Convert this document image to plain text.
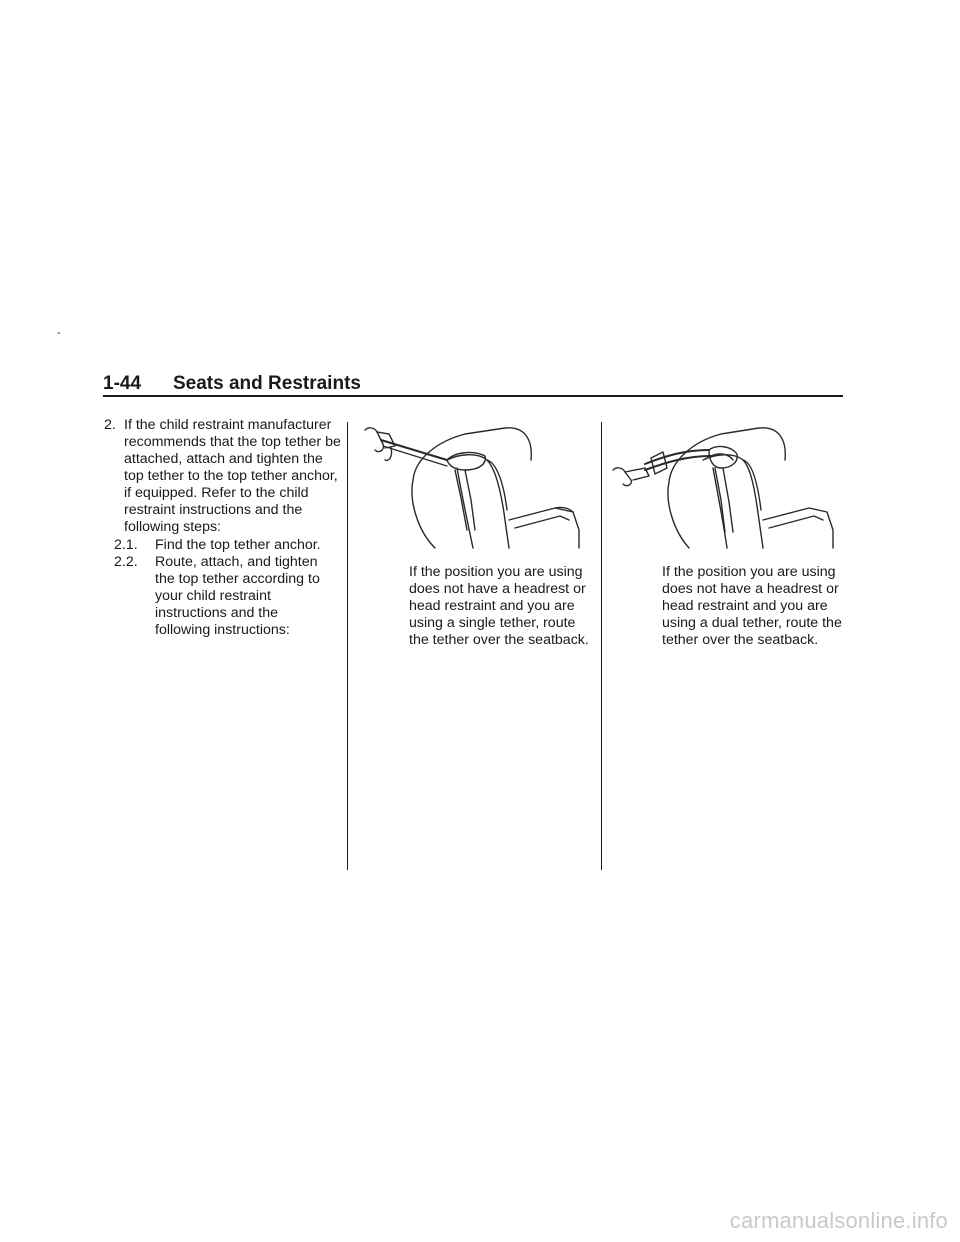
-
1-44 Seats and Restraints
2. If the child restraint manufacturer recommends that the top tether be attached, attach and tighten the top tether to the top tether anchor, if equipped. Refer to the child restraint instructions and the following steps:
2.1. Find the top tether anchor.
2.2. Route, attach, and tighten the top tether according to your child restraint instructions and the following instructions:
If the position you are using does not have a headrest or head restraint and you are using a single tether, route the tether over the seatback.
If the position you are using does not have a headrest or head restraint and you are using a dual tether, route the tether over the seatback.
carmanualsonline.info
